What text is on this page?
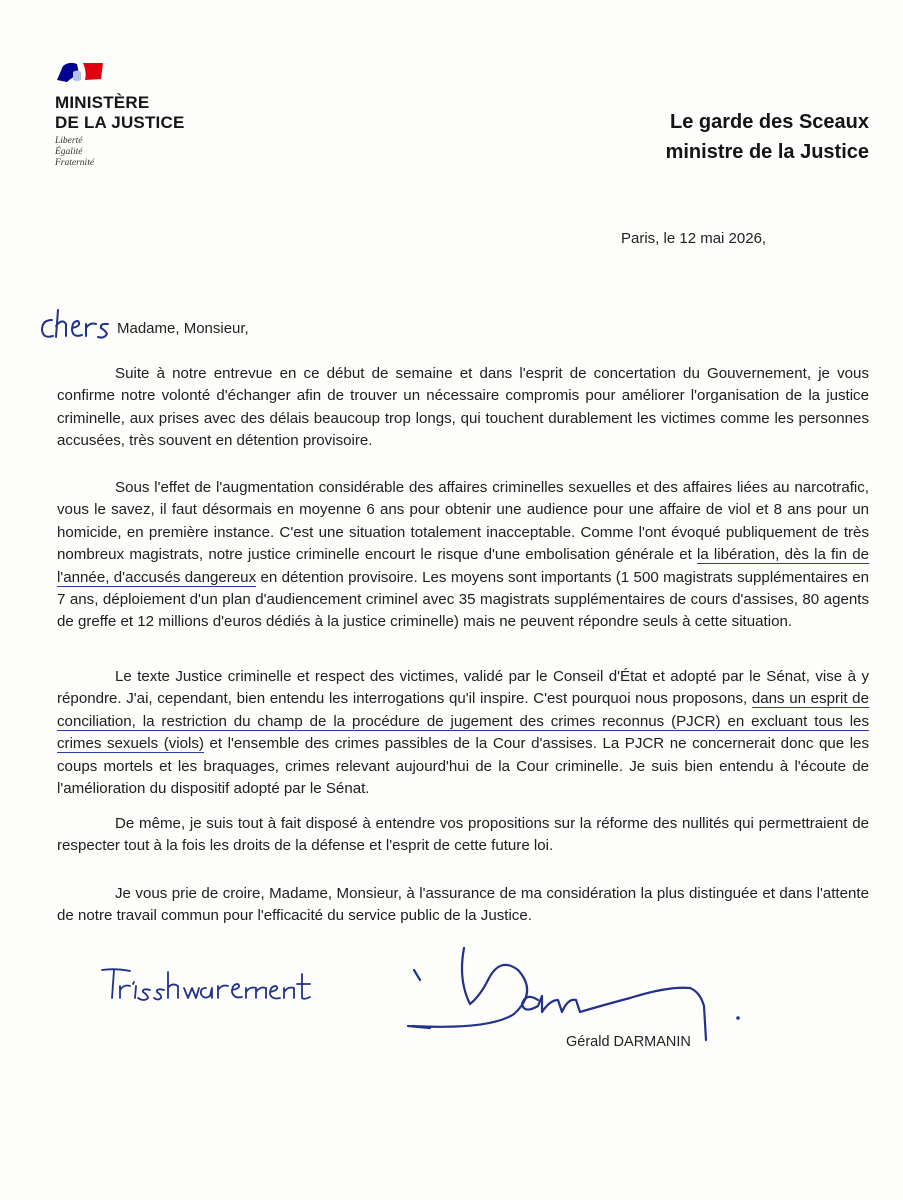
MINISTÈRE
DE LA JUSTICE
Liberté
Égalité
Fraternité
Le garde des Sceaux
ministre de la Justice
Paris, le 12 mai 2026,
Madame, Monsieur,

Suite à notre entrevue en ce début de semaine et dans l'esprit de concertation du Gouvernement, je vous confirme notre volonté d'échanger afin de trouver un nécessaire compromis pour améliorer l'organisation de la justice criminelle, aux prises avec des délais beaucoup trop longs, qui touchent durablement les victimes comme les personnes accusées, très souvent en détention provisoire.

Sous l'effet de l'augmentation considérable des affaires criminelles sexuelles et des affaires liées au narcotrafic, vous le savez, il faut désormais en moyenne 6 ans pour obtenir une audience pour une affaire de viol et 8 ans pour un homicide, en première instance. C'est une situation totalement inacceptable. Comme l'ont évoqué publiquement de très nombreux magistrats, notre justice criminelle encourt le risque d'une embolisation générale et la libération, dès la fin de l'année, d'accusés dangereux en détention provisoire. Les moyens sont importants (1 500 magistrats supplémentaires en 7 ans, déploiement d'un plan d'audiencement criminel avec 35 magistrats supplémentaires de cours d'assises, 80 agents de greffe et 12 millions d'euros dédiés à la justice criminelle) mais ne peuvent répondre seuls à cette situation.

Le texte Justice criminelle et respect des victimes, validé par le Conseil d'État et adopté par le Sénat, vise à y répondre. J'ai, cependant, bien entendu les interrogations qu'il inspire. C'est pourquoi nous proposons, dans un esprit de conciliation, la restriction du champ de la procédure de jugement des crimes reconnus (PJCR) en excluant tous les crimes sexuels (viols) et l'ensemble des crimes passibles de la Cour d'assises. La PJCR ne concernerait donc que les coups mortels et les braquages, crimes relevant aujourd'hui de la Cour criminelle. Je suis bien entendu à l'écoute de l'amélioration du dispositif adopté par le Sénat.

De même, je suis tout à fait disposé à entendre vos propositions sur la réforme des nullités qui permettraient de respecter tout à la fois les droits de la défense et l'esprit de cette future loi.

Je vous prie de croire, Madame, Monsieur, à l'assurance de ma considération la plus distinguée et dans l'attente de notre travail commun pour l'efficacité du service public de la Justice.

Gérald DARMANIN
